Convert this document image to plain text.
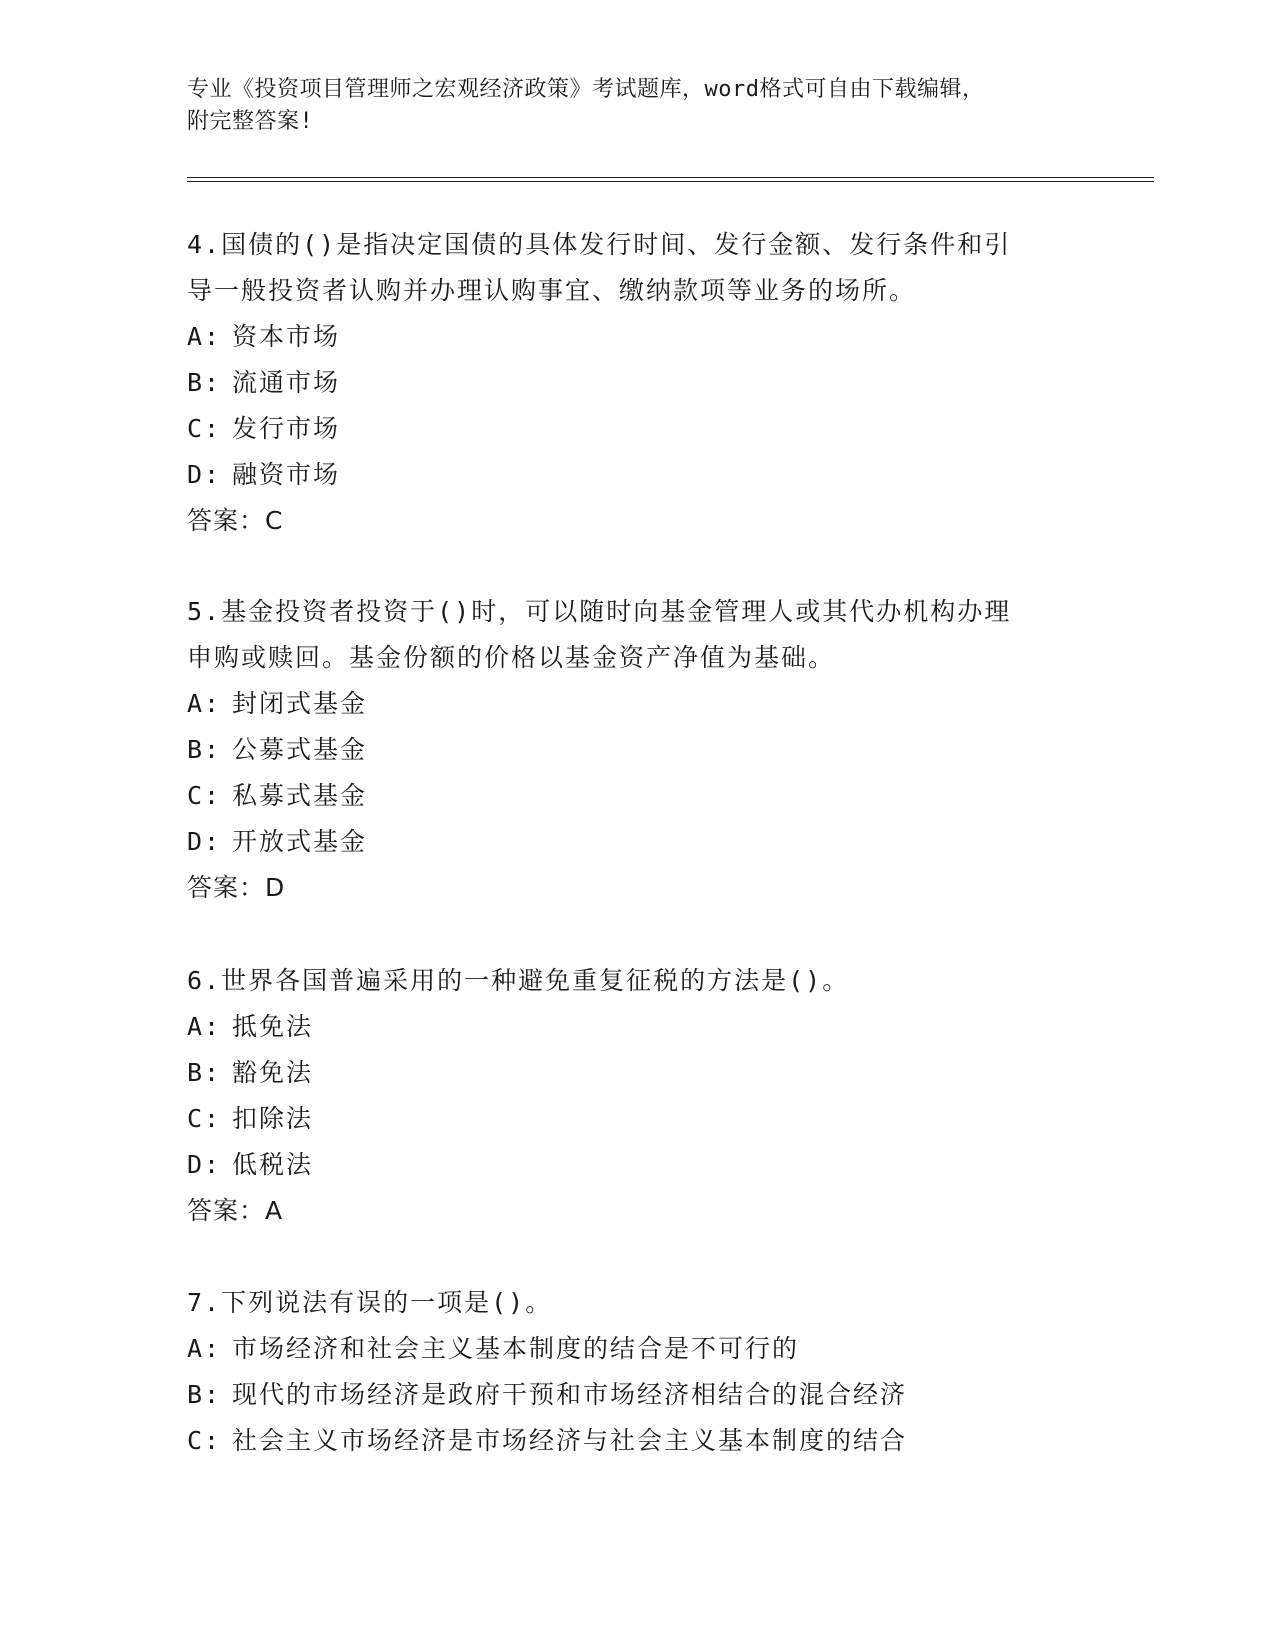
专业《投资项目管理师之宏观经济政策》考试题库，word格式可自由下载编辑，

附完整答案!

4.国债的()是指决定国债的具体发行时间、发行金额、发行条件和引

导一般投资者认购并办理认购事宜、缴纳款项等业务的场所。

A: 资本市场

B: 流通市场

C: 发行市场

D: 融资市场

答案：C

5.基金投资者投资于()时，可以随时向基金管理人或其代办机构办理

申购或赎回。基金份额的价格以基金资产净值为基础。

A: 封闭式基金

B: 公募式基金

C: 私募式基金

D: 开放式基金

答案：D

6.世界各国普遍采用的一种避免重复征税的方法是()。

A: 抵免法

B: 豁免法

C: 扣除法

D: 低税法

答案：A

7.下列说法有误的一项是()。

A: 市场经济和社会主义基本制度的结合是不可行的

B: 现代的市场经济是政府干预和市场经济相结合的混合经济

C: 社会主义市场经济是市场经济与社会主义基本制度的结合
